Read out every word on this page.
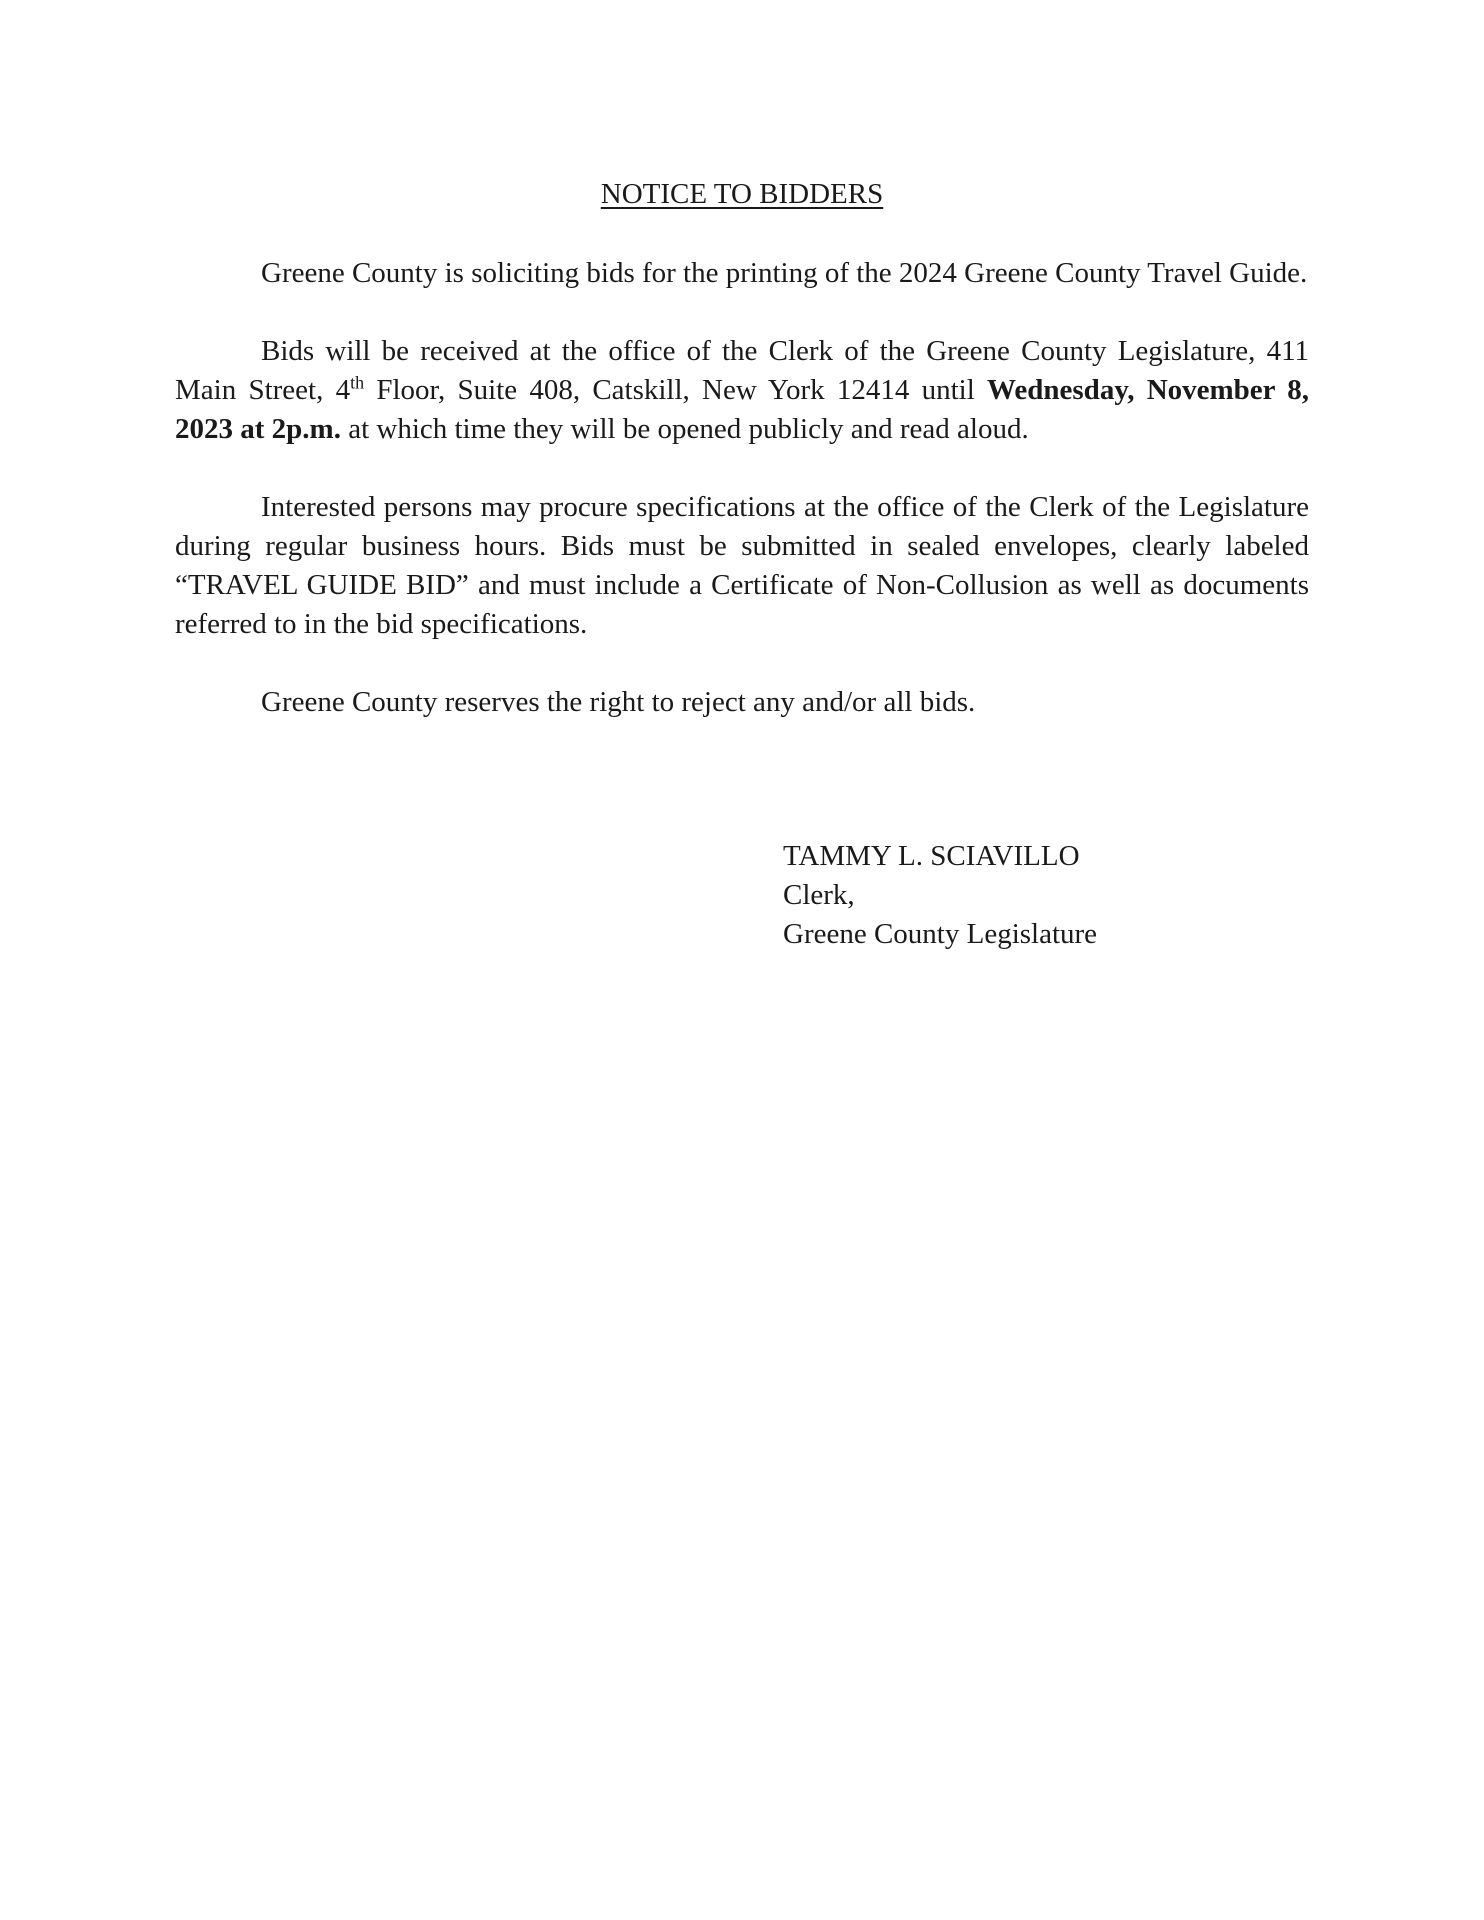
NOTICE TO BIDDERS

Greene County is soliciting bids for the printing of the 2024 Greene County Travel Guide.

Bids will be received at the office of the Clerk of the Greene County Legislature, 411 Main Street, 4th Floor, Suite 408, Catskill, New York 12414 until Wednesday, November 8, 2023 at 2p.m. at which time they will be opened publicly and read aloud.

Interested persons may procure specifications at the office of the Clerk of the Legislature during regular business hours. Bids must be submitted in sealed envelopes, clearly labeled “TRAVEL GUIDE BID” and must include a Certificate of Non-Collusion as well as documents referred to in the bid specifications.

Greene County reserves the right to reject any and/or all bids.

TAMMY L. SCIAVILLO
Clerk,
Greene County Legislature
